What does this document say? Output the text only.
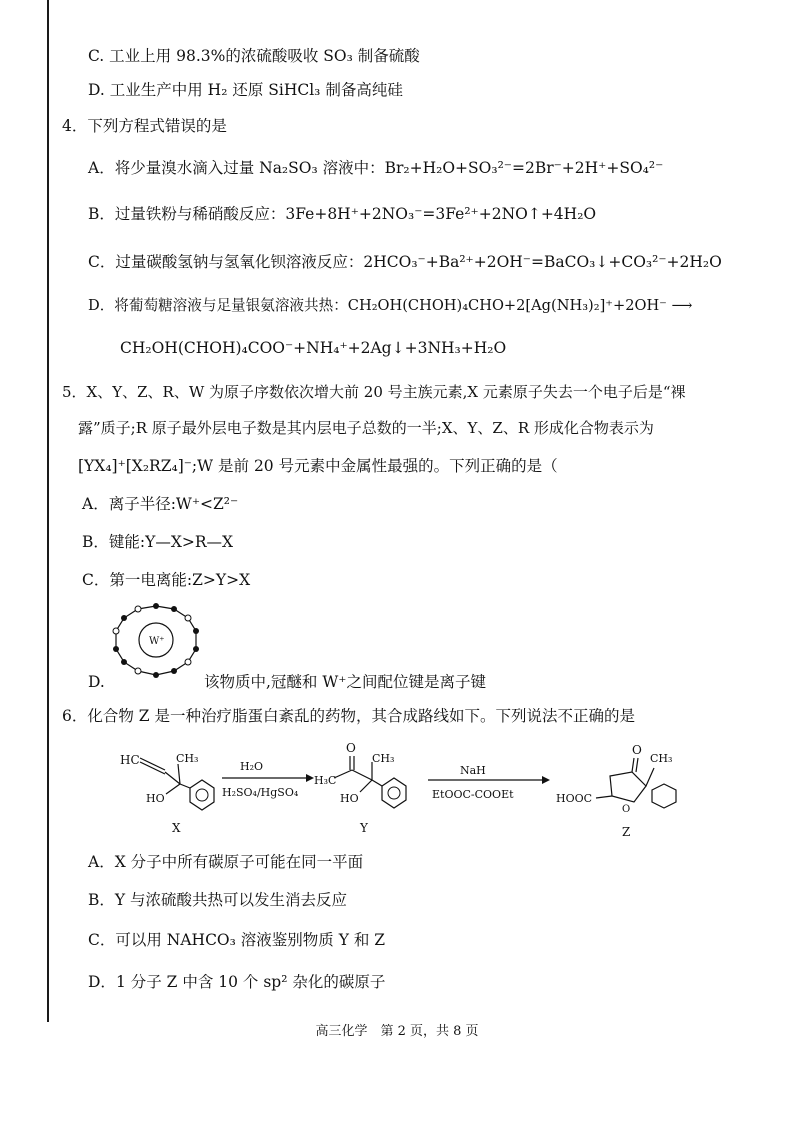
C. 工业上用 98.3%的浓硫酸吸收 SO₃ 制备硫酸
D. 工业生产中用 H₂ 还原 SiHCl₃ 制备高纯硅
4．下列方程式错误的是
A．将少量溴水滴入过量 Na₂SO₃ 溶液中：Br₂+H₂O+SO₃²⁻=2Br⁻+2H⁺+SO₄²⁻
B．过量铁粉与稀硝酸反应：3Fe+8H⁺+2NO₃⁻=3Fe²⁺+2NO↑+4H₂O
C．过量碳酸氢钠与氢氧化钡溶液反应：2HCO₃⁻+Ba²⁺+2OH⁻=BaCO₃↓+CO₃²⁻+2H₂O
D．将葡萄糖溶液与足量银氨溶液共热：CH₂OH(CHOH)₄CHO+2[Ag(NH₃)₂]⁺+2OH⁻ ⟶
CH₂OH(CHOH)₄COO⁻+NH₄⁺+2Ag↓+3NH₃+H₂O
5．X、Y、Z、R、W 为原子序数依次增大前 20 号主族元素,X 元素原子失去一个电子后是“裸
露”质子;R 原子最外层电子数是其内层电子总数的一半;X、Y、Z、R 形成化合物表示为
[YX₄]⁺[X₂RZ₄]⁻;W 是前 20 号元素中金属性最强的。下列正确的是（
A．离子半径:W⁺<Z²⁻
B．键能:Y—X>R—X
C．第一电离能:Z>Y>X
W⁺
D.	该物质中,冠醚和 W⁺之间配位键是离子键
6．化合物 Z 是一种治疗脂蛋白紊乱的药物，其合成路线如下。下列说法不正确的是
HC	CH₃
HO
X
H₂O
H₂SO₄/HgSO₄
O
H₃C
CH₃
HO
Y
NaH
EtOOC-COOEt
O
O
CH₃
HOOC
Z
A．X 分子中所有碳原子可能在同一平面
B．Y 与浓硫酸共热可以发生消去反应
C．可以用 NAHCO₃ 溶液鉴别物质 Y 和 Z
D．1 分子 Z 中含 10 个 sp² 杂化的碳原子
高三化学　第 2 页，共 8 页
